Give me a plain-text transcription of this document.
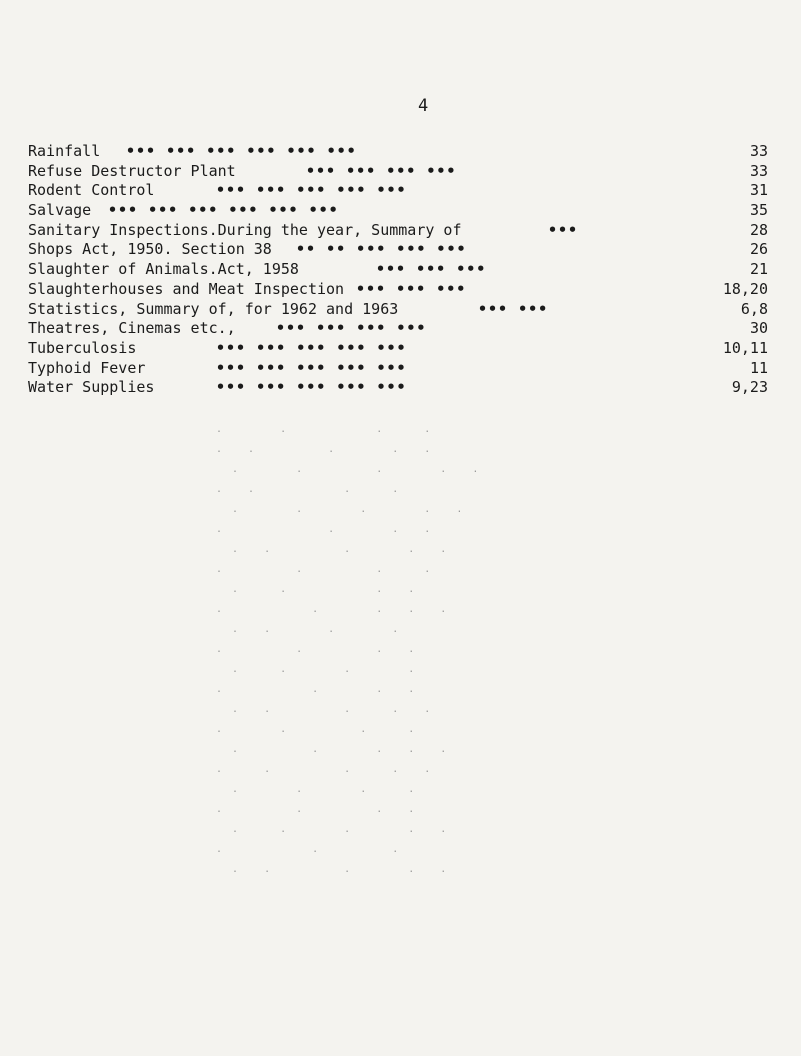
4
Rainfall ••• ••• ••• ••• ••• •••	33
Refuse Destructor Plant	••• ••• ••• •••	33
Rodent Control	••• ••• ••• ••• •••	31
Salvage ••• ••• ••• ••• ••• •••	35
Sanitary Inspections.During the year, Summary of	•••	28
Shops Act, 1950. Section 38 •• •• ••• ••• •••	26
Slaughter of Animals.Act, 1958	••• ••• •••	21
Slaughterhouses and Meat Inspection ••• ••• •••	18,20
Statistics, Summary of, for 1962 and 1963	••• •••	6,8
Theatres, Cinemas etc.,	••• ••• ••• •••	30
Tuberculosis	••• ••• ••• ••• •••	10,11
Typhoid Fever	••• ••• ••• ••• •••	11
Water Supplies	••• ••• ••• ••• •••	9,23

.   .     .  .
. .    .   . .
.   .    .   . .
. .     .  .
.   .   .   . .
.      .   . .
. .    .   . .
.    .    .  .
.  .     . .
.     .   . . .
. .   .   .
.    .    . .
.  .   .   .
.     .   . .
. .    .  . .
.   .    .  .
.    .   . . .
.  .    .  . .
.   .   .  .
.    .    . .
.  .   .   . .
.     .    .
. .    .   . .
